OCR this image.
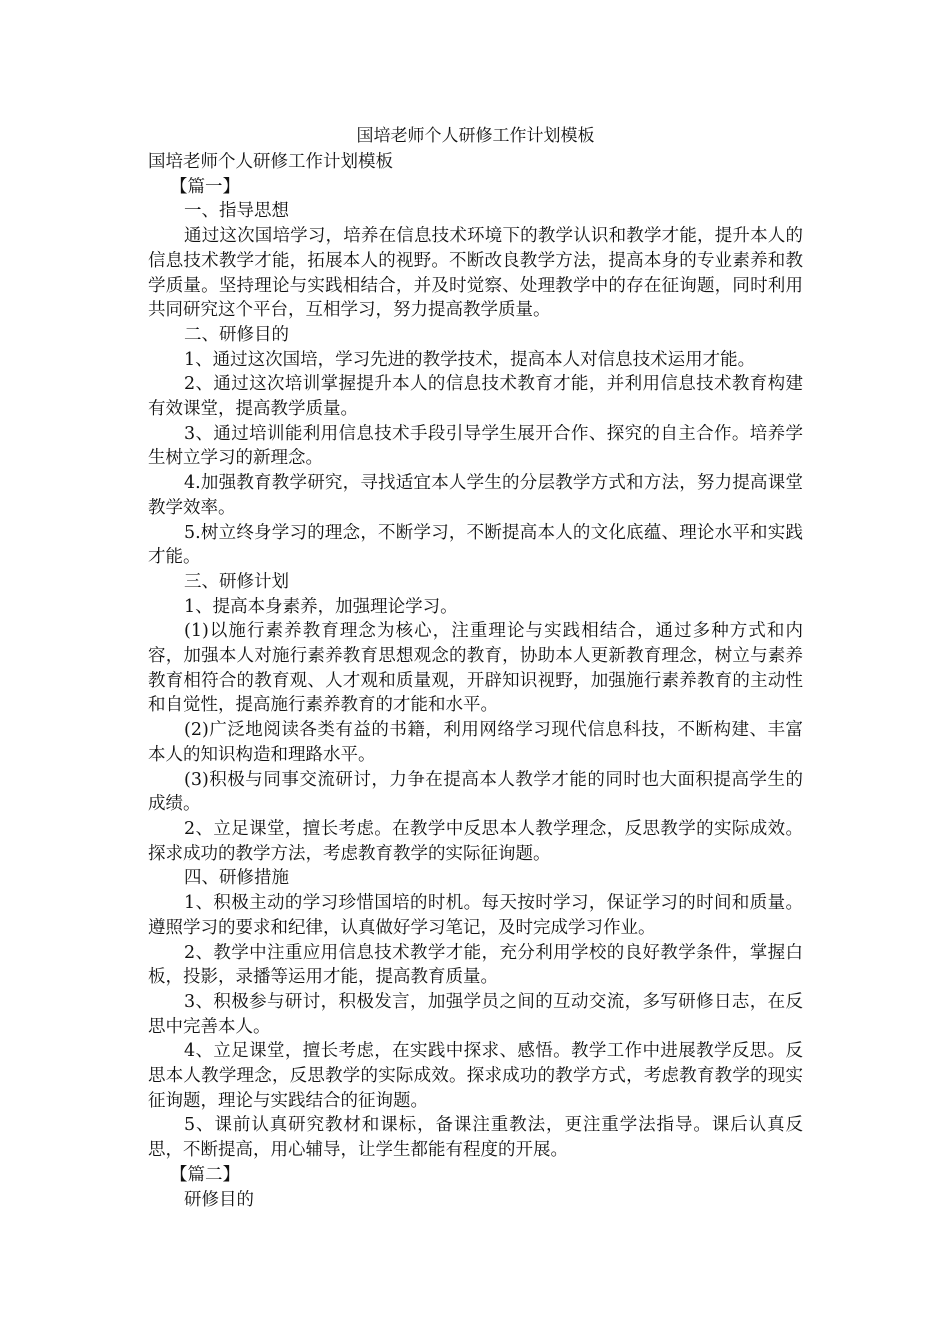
国培老师个人研修工作计划模板

国培老师个人研修工作计划模板

【篇一】

一、指导思想

通过这次国培学习，培养在信息技术环境下的教学认识和教学才能，提升本人的信息技术教学才能，拓展本人的视野。不断改良教学方法，提高本身的专业素养和教学质量。坚持理论与实践相结合，并及时觉察、处理教学中的存在征询题，同时利用共同研究这个平台，互相学习，努力提高教学质量。

二、研修目的

1、通过这次国培，学习先进的教学技术，提高本人对信息技术运用才能。

2、通过这次培训掌握提升本人的信息技术教育才能，并利用信息技术教育构建有效课堂，提高教学质量。

3、通过培训能利用信息技术手段引导学生展开合作、探究的自主合作。培养学生树立学习的新理念。

4.加强教育教学研究，寻找适宜本人学生的分层教学方式和方法，努力提高课堂教学效率。

5.树立终身学习的理念，不断学习，不断提高本人的文化底蕴、理论水平和实践才能。

三、研修计划

1、提高本身素养，加强理论学习。

(1)以施行素养教育理念为核心，注重理论与实践相结合，通过多种方式和内容，加强本人对施行素养教育思想观念的教育，协助本人更新教育理念，树立与素养教育相符合的教育观、人才观和质量观，开辟知识视野，加强施行素养教育的主动性和自觉性，提高施行素养教育的才能和水平。

(2)广泛地阅读各类有益的书籍，利用网络学习现代信息科技，不断构建、丰富本人的知识构造和理路水平。

(3)积极与同事交流研讨，力争在提高本人教学才能的同时也大面积提高学生的成绩。

2、立足课堂，擅长考虑。在教学中反思本人教学理念，反思教学的实际成效。探求成功的教学方法，考虑教育教学的实际征询题。

四、研修措施

1、积极主动的学习珍惜国培的时机。每天按时学习，保证学习的时间和质量。遵照学习的要求和纪律，认真做好学习笔记，及时完成学习作业。

2、教学中注重应用信息技术教学才能，充分利用学校的良好教学条件，掌握白板，投影，录播等运用才能，提高教育质量。

3、积极参与研讨，积极发言，加强学员之间的互动交流，多写研修日志，在反思中完善本人。

4、立足课堂，擅长考虑，在实践中探求、感悟。教学工作中进展教学反思。反思本人教学理念，反思教学的实际成效。探求成功的教学方式，考虑教育教学的现实征询题，理论与实践结合的征询题。

5、课前认真研究教材和课标，备课注重教法，更注重学法指导。课后认真反思，不断提高，用心辅导，让学生都能有程度的开展。

【篇二】

研修目的
